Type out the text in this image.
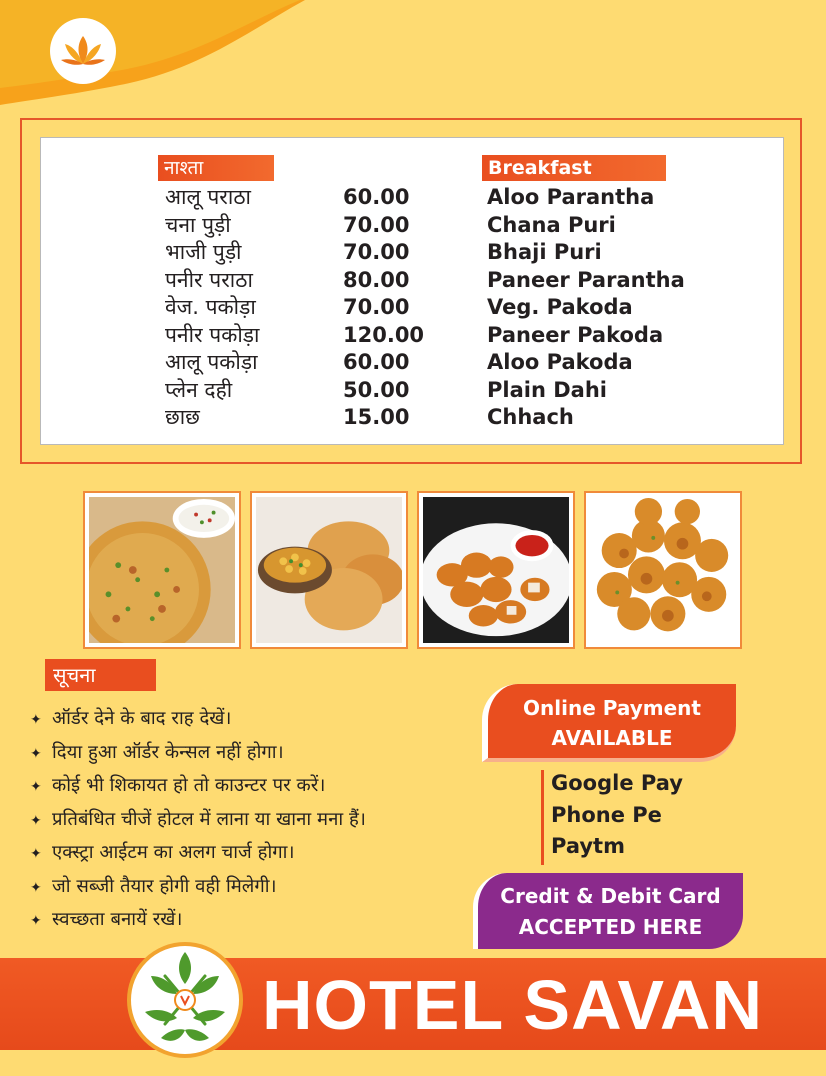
नाश्ता	Breakfast
आलू पराठा
चना पुड़ी
भाजी पुड़ी
पनीर पराठा
वेज. पकोड़ा
पनीर पकोड़ा
आलू पकोड़ा
प्लेन दही
छाछ
60.00
70.00
70.00
80.00
70.00
120.00
60.00
50.00
15.00
Aloo Parantha
Chana Puri
Bhaji Puri
Paneer Parantha
Veg. Pakoda
Paneer Pakoda
Aloo Pakoda
Plain Dahi
Chhach
सूचना
✦ ऑर्डर देने के बाद राह देखें।
✦ दिया हुआ ऑर्डर केन्सल नहीं होगा।
✦ कोई भी शिकायत हो तो काउन्टर पर करें।
✦ प्रतिबंधित चीजें होटल में लाना या खाना मना हैं।
✦ एक्स्ट्रा आईटम का अलग चार्ज होगा।
✦ जो सब्जी तैयार होगी वही मिलेगी।
✦ स्वच्छता बनायें रखें।
Online Payment
AVAILABLE
Google Pay
Phone Pe
Paytm
Credit & Debit Card
ACCEPTED HERE
HOTEL SAVAN
